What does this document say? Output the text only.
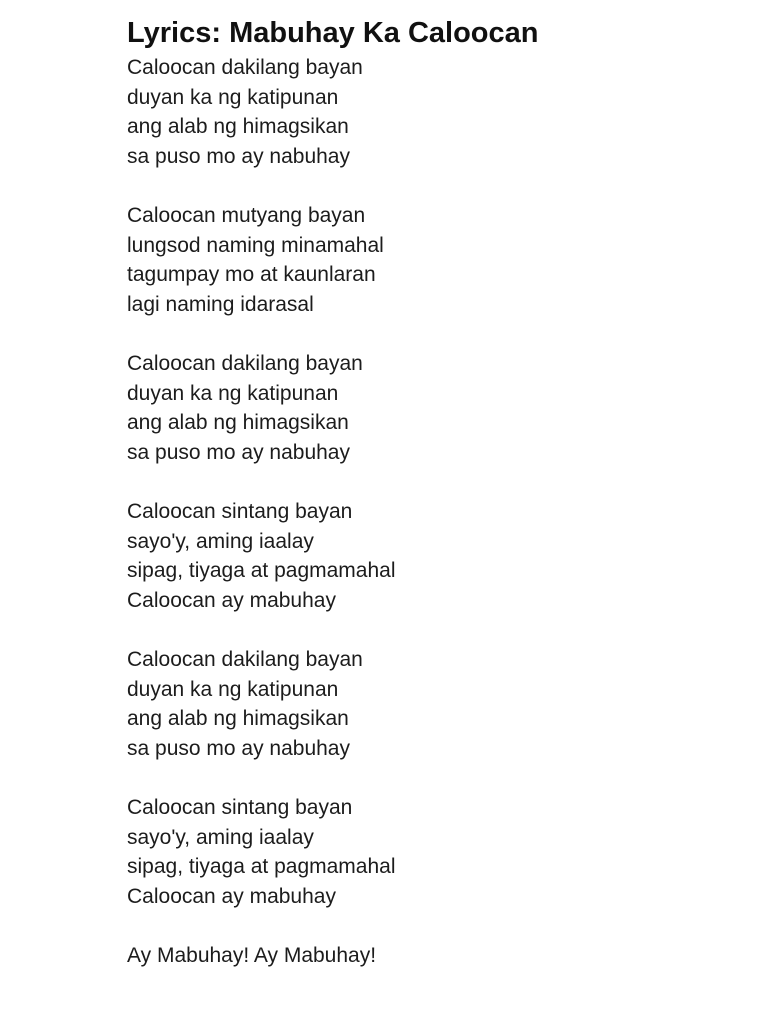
Lyrics: Mabuhay Ka Caloocan
Caloocan dakilang bayan
duyan ka ng katipunan
ang alab ng himagsikan
sa puso mo ay nabuhay
Caloocan mutyang bayan
lungsod naming minamahal
tagumpay mo at kaunlaran
lagi naming idarasal
Caloocan dakilang bayan
duyan ka ng katipunan
ang alab ng himagsikan
sa puso mo ay nabuhay
Caloocan sintang bayan
sayo'y, aming iaalay
sipag, tiyaga at pagmamahal
Caloocan ay mabuhay
Caloocan dakilang bayan
duyan ka ng katipunan
ang alab ng himagsikan
sa puso mo ay nabuhay
Caloocan sintang bayan
sayo'y, aming iaalay
sipag, tiyaga at pagmamahal
Caloocan ay mabuhay
Ay Mabuhay! Ay Mabuhay!
